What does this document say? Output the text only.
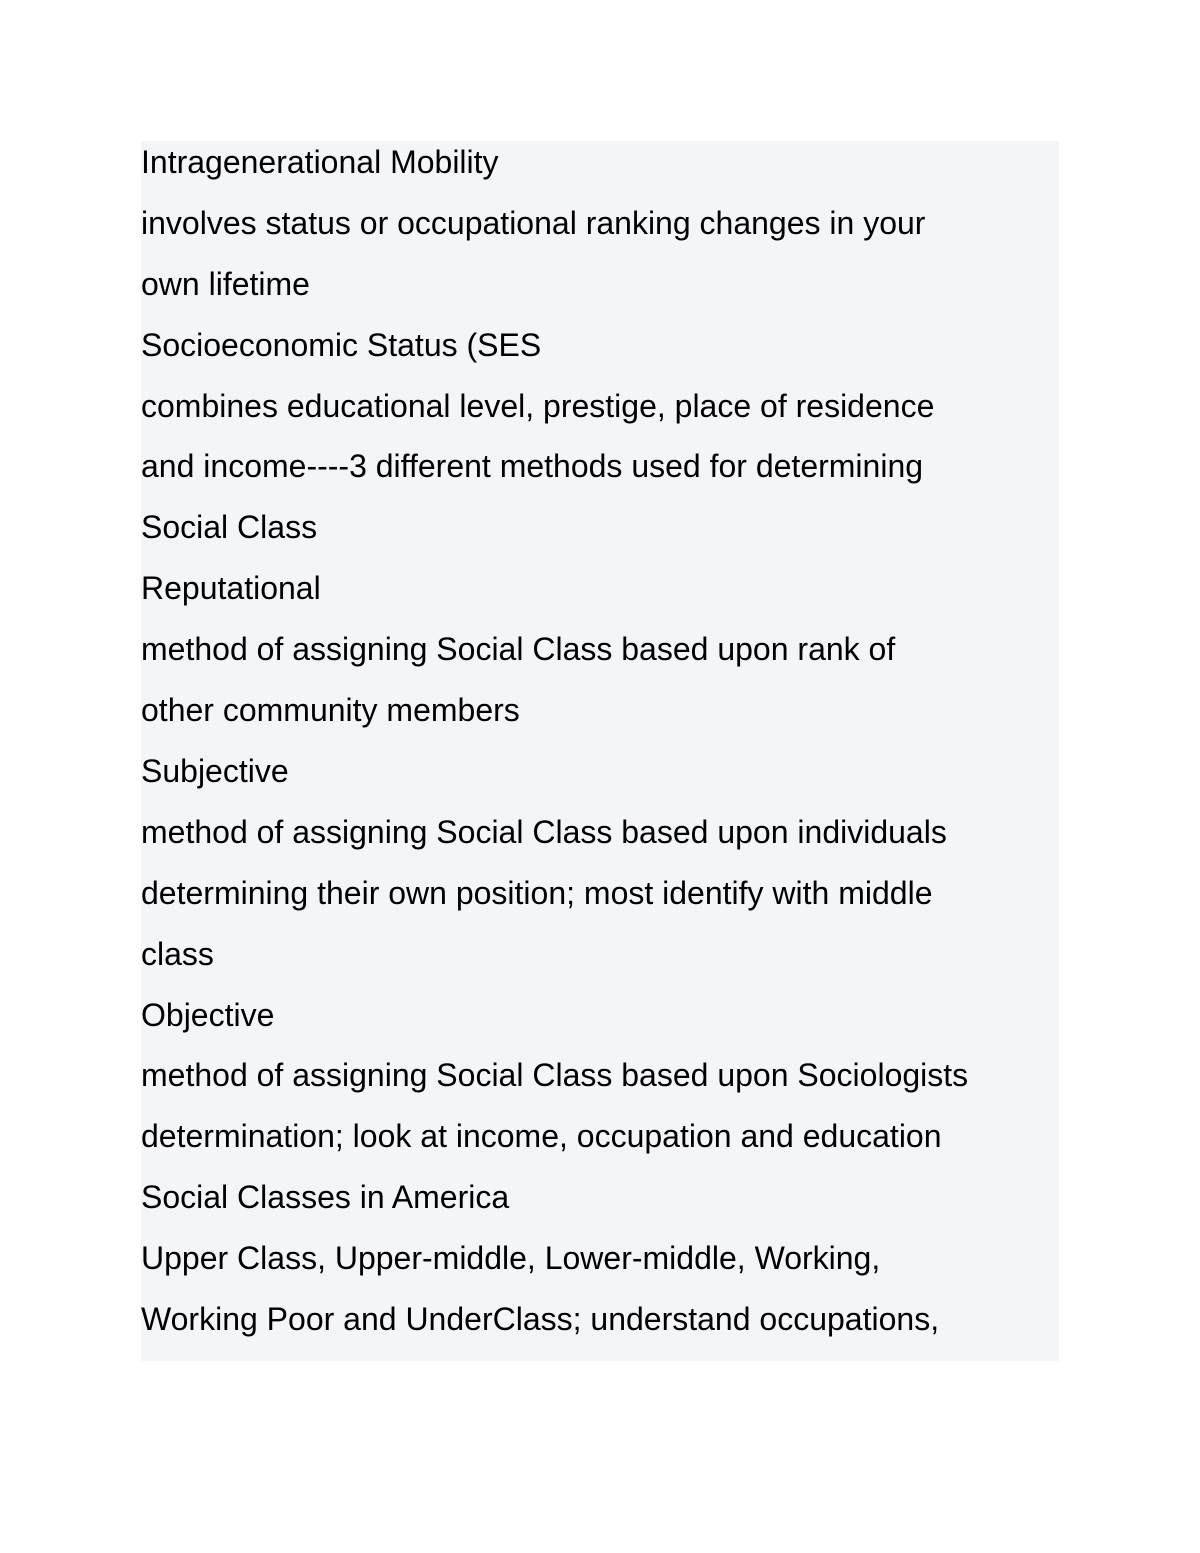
Intragenerational Mobility
involves status or occupational ranking changes in your
own lifetime
Socioeconomic Status (SES
combines educational level, prestige, place of residence
and income----3 different methods used for determining
Social Class
Reputational
method of assigning Social Class based upon rank of
other community members
Subjective
method of assigning Social Class based upon individuals
determining their own position; most identify with middle
class
Objective
method of assigning Social Class based upon Sociologists
determination; look at income, occupation and education
Social Classes in America
Upper Class, Upper-middle, Lower-middle, Working,
Working Poor and UnderClass; understand occupations,
